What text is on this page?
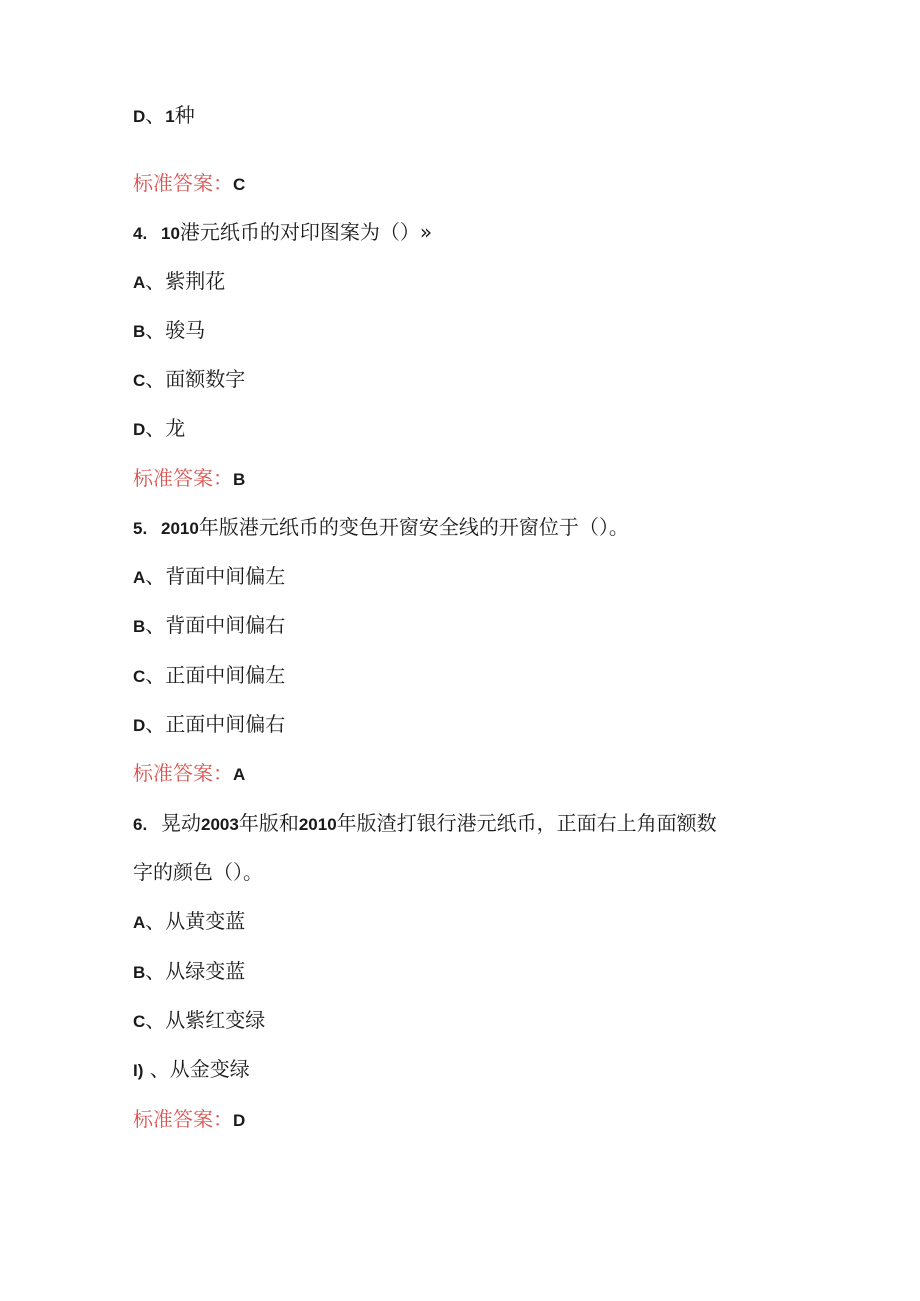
D、1种
标准答案：C
4. 10港元纸币的对印图案为（）»
A、紫荆花
B、骏马
C、面额数字
D、龙
标准答案：B
5. 2010年版港元纸币的变色开窗安全线的开窗位于（）。
A、背面中间偏左
B、背面中间偏右
C、正面中间偏左
D、正面中间偏右
标准答案：A
6. 晃动2003年版和2010年版渣打银行港元纸币，正面右上角面额数
字的颜色（）。
A、从黄变蓝
B、从绿变蓝
C、从紫红变绿
I) 、从金变绿
标准答案：D
